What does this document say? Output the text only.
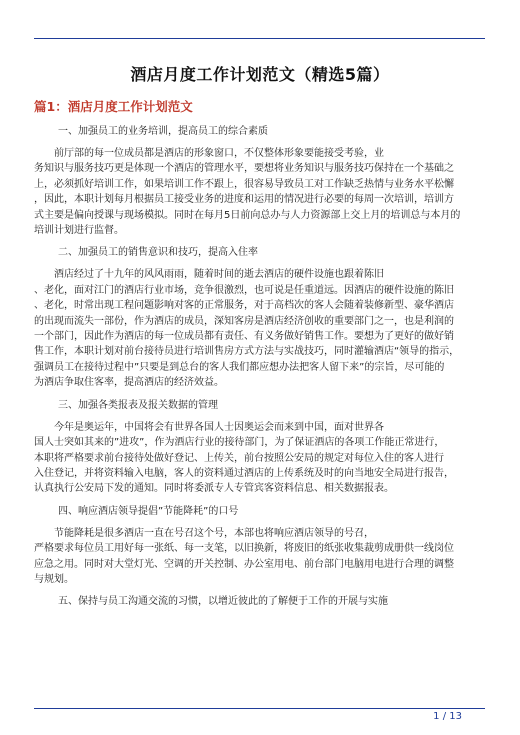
酒店月度工作计划范文（精选5篇）
篇1：酒店月度工作计划范文
一、加强员工的业务培训，提高员工的综合素质
　　前厅部的每一位成员都是酒店的形象窗口，不仅整体形象要能接受考验，业
务知识与服务技巧更是体现一个酒店的管理水平，要想将业务知识与服务技巧保持在一个基础之
上，必须抓好培训工作，如果培训工作不跟上，很容易导致员工对工作缺乏热情与业务水平松懈
，因此，本职计划每月根据员工接受业务的进度和运用的情况进行必要的每周一次培训，培训方
式主要是偏向授课与现场模拟。同时在每月5日前向总办与人力资源部上交上月的培训总与本月的
培训计划进行监督。
二、加强员工的销售意识和技巧，提高入住率
　　酒店经过了十九年的风风雨雨，随着时间的逝去酒店的硬件设施也跟着陈旧
、老化，面对江门的酒店行业市场，竞争很激烈，也可说是任重道远。因酒店的硬件设施的陈旧
、老化，时常出现工程问题影响对客的正常服务，对于高档次的客人会随着装修新型、豪华酒店
的出现而流失一部份，作为酒店的成员，深知客房是酒店经济创收的重要部门之一，也是利润的
一个部门，因此作为酒店的每一位成员都有责任、有义务做好销售工作。要想为了更好的做好销
售工作，本职计划对前台接待员进行培训售房方式方法与实战技巧，同时灌输酒店“领导的指示，
强调员工在接待过程中”只要是到总台的客人我们都应想办法把客人留下来”的宗旨，尽可能的
为酒店争取住客率，提高酒店的经济效益。
三、加强各类报表及报关数据的管理
　　今年是奥运年，中国将会有世界各国人士因奥运会而来到中国，面对世界各
国人士突如其来的”进攻”，作为酒店行业的接待部门，为了保证酒店的各项工作能正常进行，
本职将严格要求前台接待处做好登记、上传关，前台按照公安局的规定对每位入住的客人进行
入住登记，并将资料输入电脑，客人的资料通过酒店的上传系统及时的向当地安全局进行报告，
认真执行公安局下发的通知。同时将委派专人专管宾客资料信息、相关数据报表。
四、响应酒店领导提倡”节能降耗”的口号
　　节能降耗是很多酒店一直在号召这个号，本部也将响应酒店领导的号召，
严格要求每位员工用好每一张纸、每一支笔，以旧换新，将废旧的纸张收集裁剪成册供一线岗位
应急之用。同时对大堂灯光、空调的开关控制、办公室用电、前台部门电脑用电进行合理的调整
与规划。
五、保持与员工沟通交流的习惯，以增近彼此的了解便于工作的开展与实施
1 / 13
